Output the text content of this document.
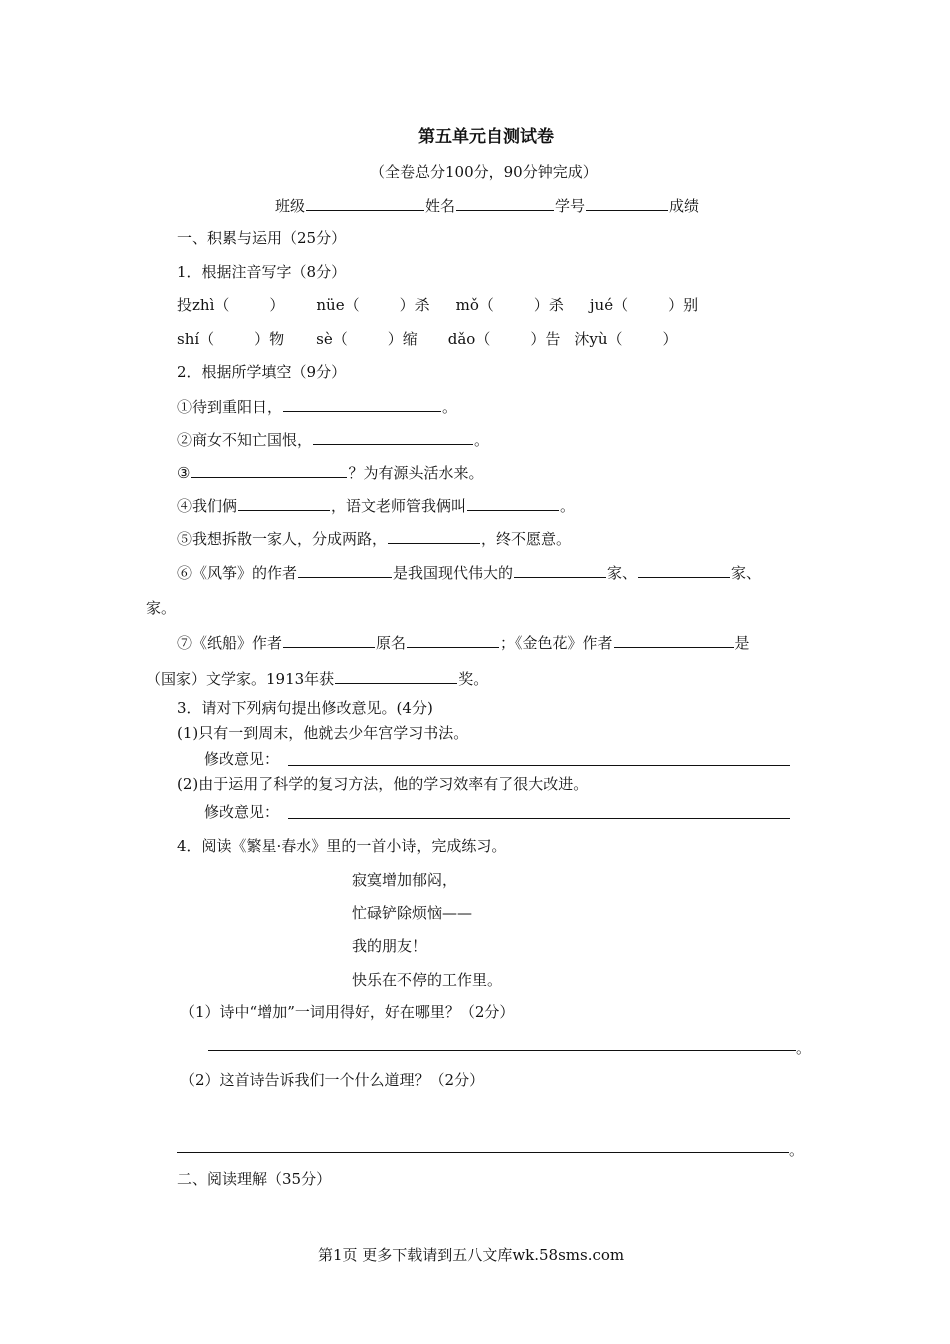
第五单元自测试卷
（全卷总分100分，90分钟完成）
班级	姓名	学号	成绩
一、积累与运用（25分）
1．根据注音写字（8分）
投zhì（	） nüe（	）杀 mǒ（	）杀 jué（	）别
shí（	）物 sè（	）缩 dǎo（	）告 沐yù（	）
2．根据所学填空（9分）
①待到重阳日，	。
②商女不知亡国恨，	。
③	？为有源头活水来。
④我们俩	，语文老师管我俩叫	。
⑤我想拆散一家人，分成两路，	，终不愿意。
⑥《风筝》的作者	是我国现代伟大的	家、	家、
家。
⑦《纸船》作者	原名	；《金色花》作者	是
（国家）文学家。1913年获	奖。
3．请对下列病句提出修改意见。(4分)
(1)只有一到周末，他就去少年宫学习书法。
修改意见：
(2)由于运用了科学的复习方法，他的学习效率有了很大改进。
修改意见：
4．阅读《繁星·春水》里的一首小诗，完成练习。
寂寞增加郁闷，
忙碌铲除烦恼——
我的朋友！
快乐在不停的工作里。
（1）诗中“增加”一词用得好，好在哪里？（2分）
。
（2）这首诗告诉我们一个什么道理？（2分）
。
二、阅读理解（35分）
第1页 更多下载请到五八文库wk.58sms.com
